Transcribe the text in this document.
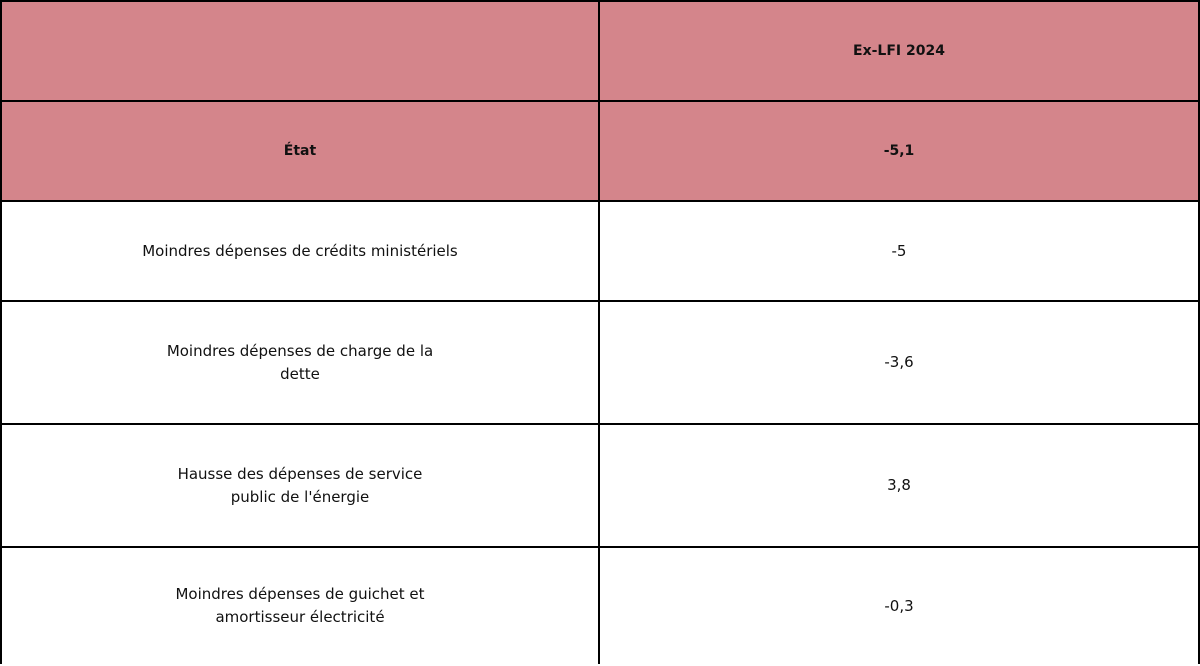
Ex-LFI 2024
État	-5,1
Moindres dépenses de crédits ministériels	-5
Moindres dépenses de charge de la dette
-3,6
Hausse des dépenses de service public de l'énergie
3,8
Moindres dépenses de guichet et amortisseur électricité
-0,3
